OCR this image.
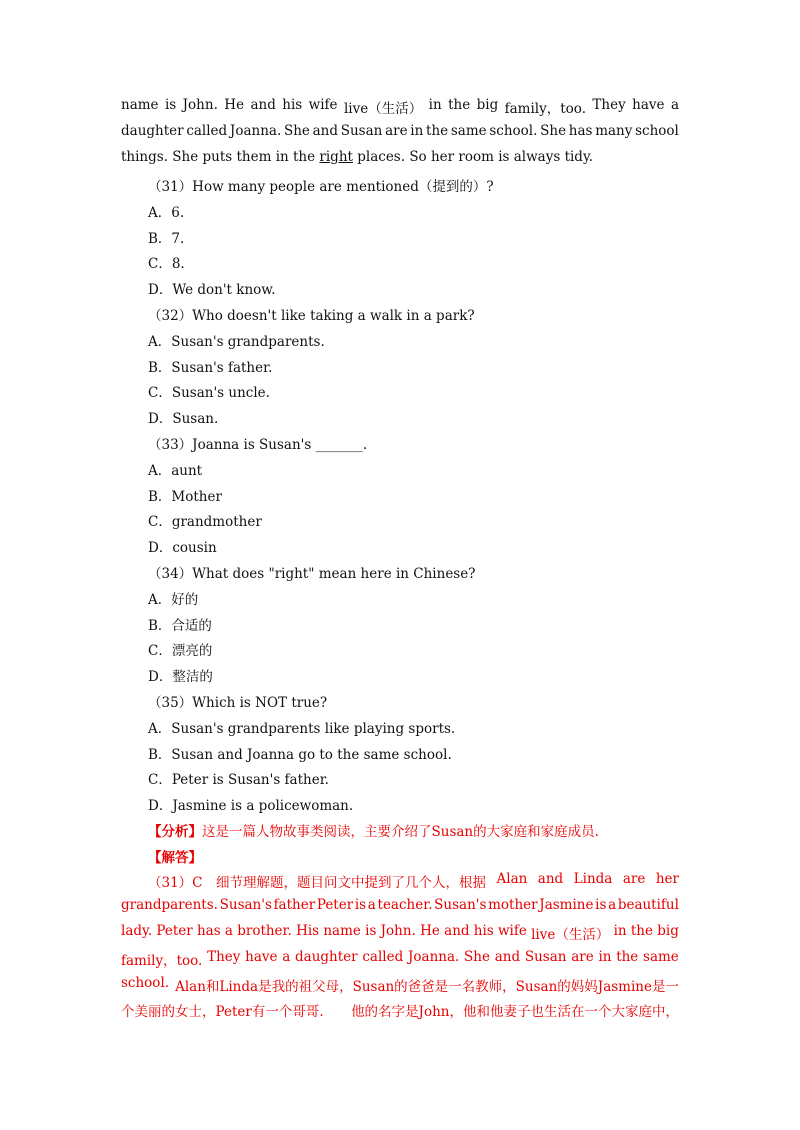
name is John. He and his wife live（生活） in the big family，too. They have a
daughter called Joanna. She and Susan are in the same school. She has many school
things. She puts them in the right places. So her room is always tidy.
（31）How many people are mentioned（提到的）?
A．6.
B．7.
C．8.
D．We don't know.
（32）Who doesn't like taking a walk in a park?
A．Susan's grandparents.
B．Susan's father.
C．Susan's uncle.
D．Susan.
（33）Joanna is Susan's _______.
A．aunt
B．Mother
C．grandmother
D．cousin
（34）What does "right" mean here in Chinese?
A．好的
B．合适的
C．漂亮的
D．整洁的
（35）Which is NOT true?
A．Susan's grandparents like playing sports.
B．Susan and Joanna go to the same school.
C．Peter is Susan's father.
D．Jasmine is a policewoman.
【分析】这是一篇人物故事类阅读，主要介绍了Susan的大家庭和家庭成员.
【解答】
（31）C　细节理解题，题目问文中提到了几个人，根据 Alan and Linda are her
grandparents. Susan's father Peter is a teacher. Susan's mother Jasmine is a beautiful
lady. Peter has a brother. His name is John. He and his wife live（生活） in the big
family，too. They have a daughter called Joanna. She and Susan are in the same
school. Alan和Linda是我的祖父母，Susan的爸爸是一名教师，Susan的妈妈Jasmine是一
个美丽的女士，Peter有一个哥哥. 他的名字是John，他和他妻子也生活在一个大家庭中，
